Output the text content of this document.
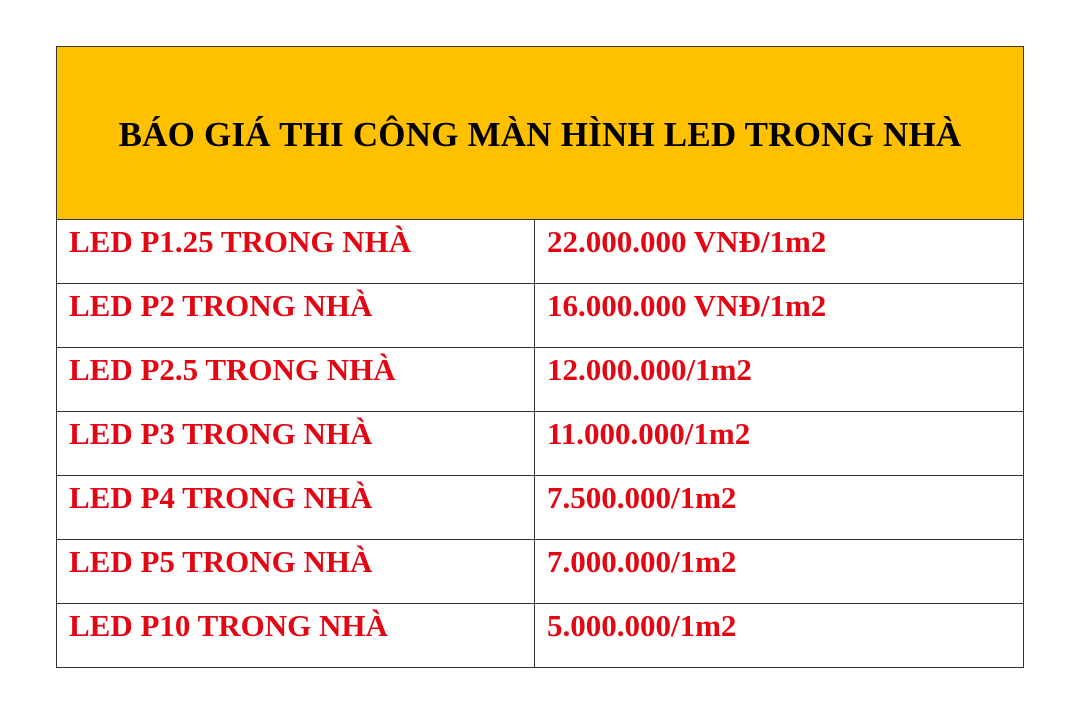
BÁO GIÁ THI CÔNG MÀN HÌNH LED TRONG NHÀ	

LED P1.25 TRONG NHÀ	22.000.000 VNĐ/1m2

LED P2 TRONG NHÀ	16.000.000 VNĐ/1m2

LED P2.5 TRONG NHÀ	12.000.000/1m2

LED P3 TRONG NHÀ	11.000.000/1m2

LED P4 TRONG NHÀ	7.500.000/1m2

LED P5 TRONG NHÀ	7.000.000/1m2

LED P10 TRONG NHÀ	5.000.000/1m2
